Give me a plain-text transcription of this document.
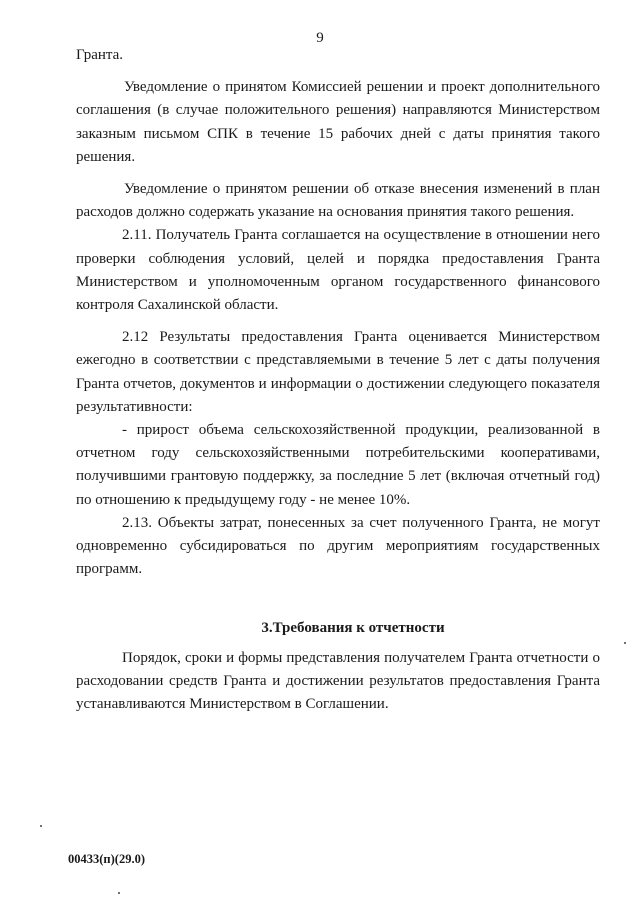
9

Гранта.

Уведомление о принятом Комиссией решении и проект дополнительного соглашения (в случае положительного решения) направляются Министерством заказным письмом СПК в течение 15 рабочих дней с даты принятия такого решения.

Уведомление о принятом решении об отказе внесения изменений в план расходов должно содержать указание на основания принятия такого решения.

2.11. Получатель Гранта соглашается на осуществление в отношении него проверки соблюдения условий, целей и порядка предоставления Гранта Министерством и уполномоченным органом государственного финансового контроля Сахалинской области.

2.12 Результаты предоставления Гранта оценивается Министерством ежегодно в соответствии с представляемыми в течение 5 лет с даты получения Гранта отчетов, документов и информации о достижении следующего показателя результативности:

- прирост объема сельскохозяйственной продукции, реализованной в отчетном году сельскохозяйственными потребительскими кооперативами, получившими грантовую поддержку, за последние 5 лет (включая отчетный год) по отношению к предыдущему году - не менее 10%.

2.13. Объекты затрат, понесенных за счет полученного Гранта, не могут одновременно субсидироваться по другим мероприятиям государственных программ.

3.Требования к отчетности

Порядок, сроки и формы представления получателем Гранта отчетности о расходовании средств Гранта и достижении результатов предоставления Гранта устанавливаются Министерством в Соглашении.

00433(п)(29.0)
